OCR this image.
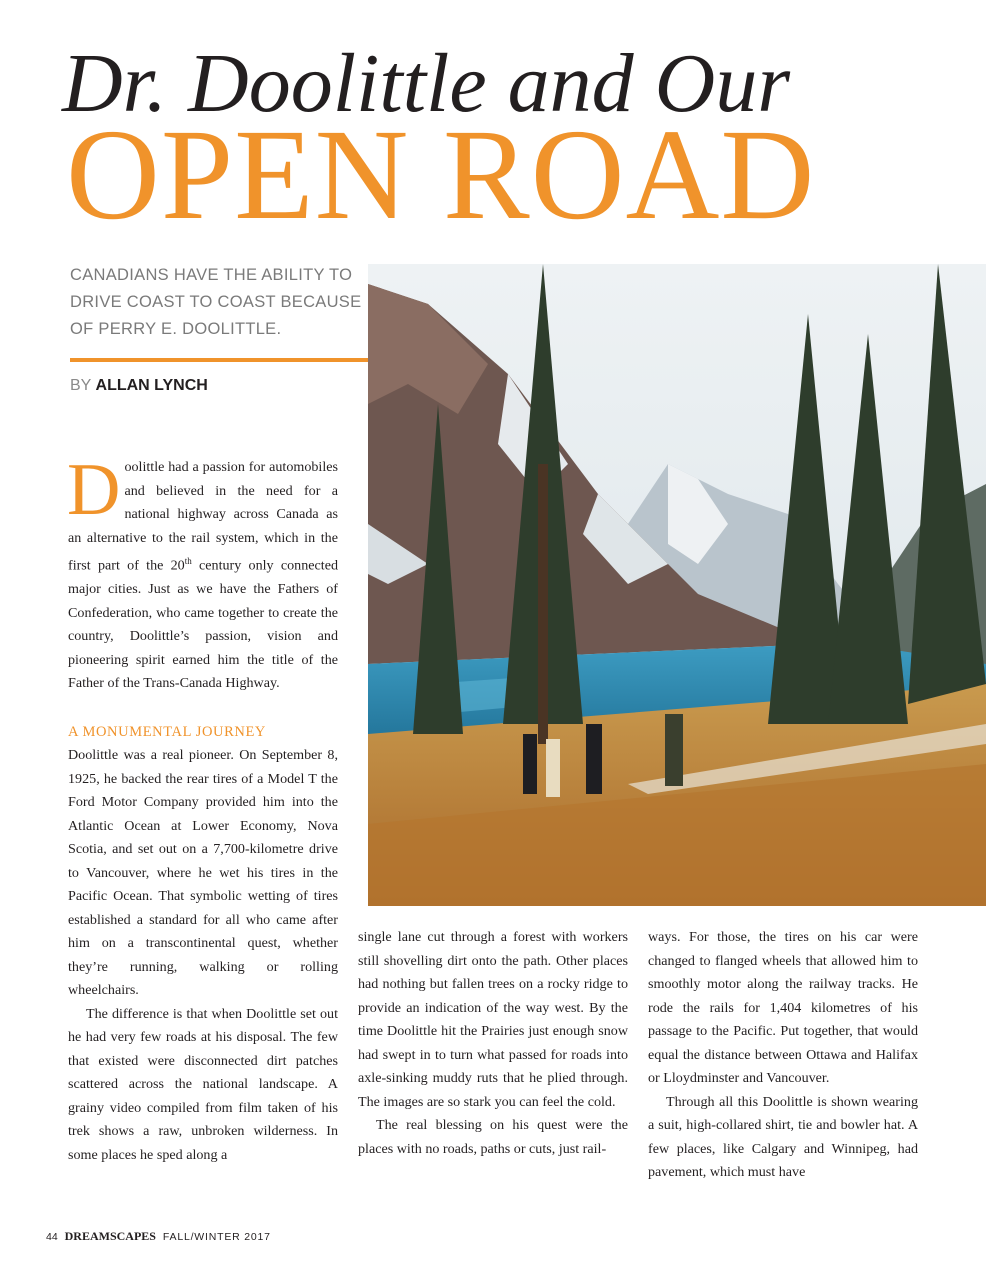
Dr. Doolittle and Our
OPEN ROAD
CANADIANS HAVE THE ABILITY TO
DRIVE COAST TO COAST BECAUSE
OF PERRY E. DOOLITTLE.
BY ALLAN LYNCH

Doolittle had a passion for automobiles and believed in the need for a national highway across Canada as an alternative to the rail system, which in the first part of the 20th century only connected major cities. Just as we have the Fathers of Confederation, who came together to create the country, Doolittle’s passion, vision and pioneering spirit earned him the title of the Father of the Trans-Canada Highway.

A MONUMENTAL JOURNEY

Doolittle was a real pioneer. On September 8, 1925, he backed the rear tires of a Model T the Ford Motor Company provided him into the Atlantic Ocean at Lower Economy, Nova Scotia, and set out on a 7,700-kilometre drive to Vancouver, where he wet his tires in the Pacific Ocean. That symbolic wetting of tires established a standard for all who came after him on a transcontinental quest, whether they’re running, walking or rolling wheelchairs.

The difference is that when Doolittle set out he had very few roads at his disposal. The few that existed were disconnected dirt patches scattered across the national landscape. A grainy video compiled from film taken of his trek shows a raw, unbroken wilderness. In some places he sped along a

single lane cut through a forest with workers still shovelling dirt onto the path. Other places had nothing but fallen trees on a rocky ridge to provide an indication of the way west. By the time Doolittle hit the Prairies just enough snow had swept in to turn what passed for roads into axle-sinking muddy ruts that he plied through. The images are so stark you can feel the cold.

The real blessing on his quest were the places with no roads, paths or cuts, just rail-

ways. For those, the tires on his car were changed to flanged wheels that allowed him to smoothly motor along the railway tracks. He rode the rails for 1,404 kilometres of his passage to the Pacific. Put together, that would equal the distance between Ottawa and Halifax or Lloydminster and Vancouver.

Through all this Doolittle is shown wearing a suit, high-collared shirt, tie and bowler hat. A few places, like Calgary and Winnipeg, had pavement, which must have

44 DREAMSCAPES FALL/WINTER 2017
